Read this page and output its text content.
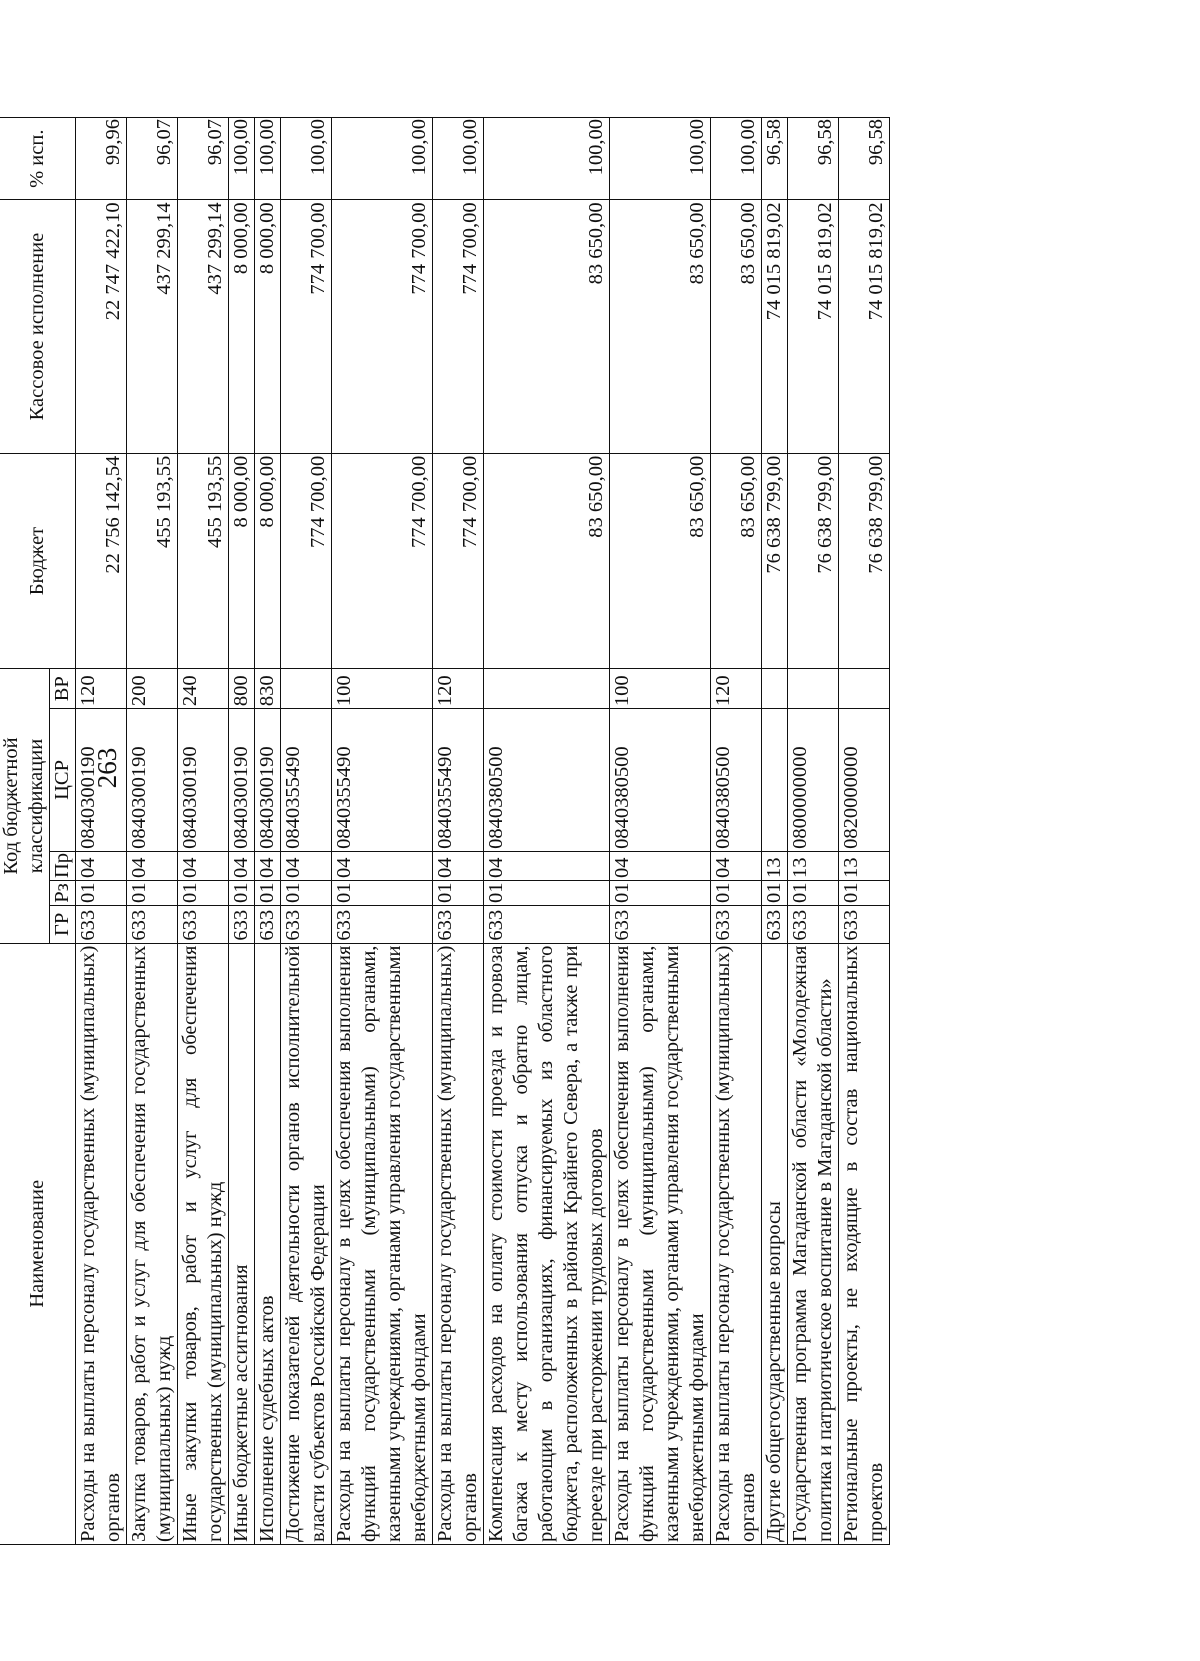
263
Наименование	Код бюджетной классификации					Бюджет	Кассовое исполнение	% исп.
	ГР	Рз	Пр	ЦСР	ВР			
Расходы на выплаты персоналу государственных (муниципальных) органов	633	01	04	0840300190	120	22 756 142,54	22 747 422,10	99,96
Закупка товаров, работ и услуг для обеспечения государственных (муниципальных) нужд	633	01	04	0840300190	200	455 193,55	437 299,14	96,07
Иные закупки товаров, работ и услуг для обеспечения государственных (муниципальных) нужд	633	01	04	0840300190	240	455 193,55	437 299,14	96,07
Иные бюджетные ассигнования	633	01	04	0840300190	800	8 000,00	8 000,00	100,00
Исполнение судебных актов	633	01	04	0840300190	830	8 000,00	8 000,00	100,00
Достижение показателей деятельности органов исполнительной власти субъектов Российской Федерации	633	01	04	0840355490		774 700,00	774 700,00	100,00
Расходы на выплаты персоналу в целях обеспечения выполнения функций государственными (муниципальными) органами, казенными учреждениями, органами управления государственными внебюджетными фондами	633	01	04	0840355490	100	774 700,00	774 700,00	100,00
Расходы на выплаты персоналу государственных (муниципальных) органов	633	01	04	0840355490	120	774 700,00	774 700,00	100,00
Компенсация расходов на оплату стоимости проезда и провоза багажа к месту использования отпуска и обратно лицам, работающим в организациях, финансируемых из областного бюджета, расположенных в районах Крайнего Севера, а также при переезде при расторжении трудовых договоров	633	01	04	0840380500		83 650,00	83 650,00	100,00
Расходы на выплаты персоналу в целях обеспечения выполнения функций государственными (муниципальными) органами, казенными учреждениями, органами управления государственными внебюджетными фондами	633	01	04	0840380500	100	83 650,00	83 650,00	100,00
Расходы на выплаты персоналу государственных (муниципальных) органов	633	01	04	0840380500	120	83 650,00	83 650,00	100,00
Другие общегосударственные вопросы	633	01	13			76 638 799,00	74 015 819,02	96,58
Государственная программа Магаданской области «Молодежная политика и патриотическое воспитание в Магаданской области»	633	01	13	0800000000		76 638 799,00	74 015 819,02	96,58
Региональные проекты, не входящие в состав национальных проектов	633	01	13	0820000000		76 638 799,00	74 015 819,02	96,58
